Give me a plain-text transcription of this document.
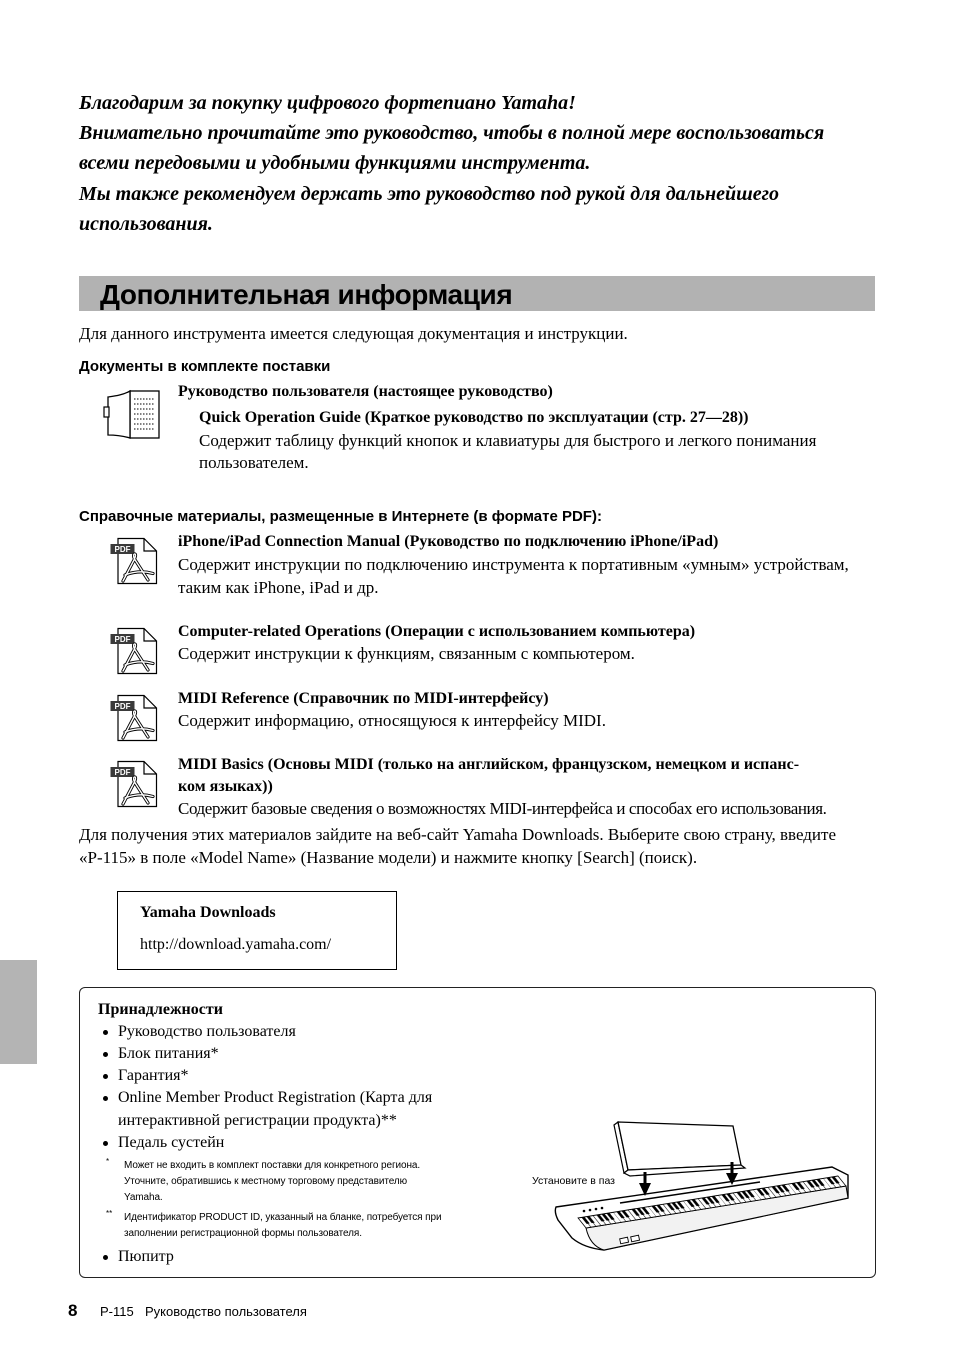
Благодарим за покупку цифрового фортепиано Yamaha!
Внимательно прочитайте это руководство, чтобы в полной мере воспользоваться
всеми передовыми и удобными функциями инструмента.
Мы также рекомендуем держать это руководство под рукой для дальнейшего
использования.
Дополнительная информация
Для данного инструмента имеется следующая документация и инструкции.
Документы в комплекте поставки
Руководство пользователя (настоящее руководство)
Quick Operation Guide (Краткое руководство по эксплуатации (стр. 27—28))
Содержит таблицу функций кнопок и клавиатуры для быстрого и легкого понимания
пользователем.
Справочные материалы, размещенные в Интернете (в формате PDF):
PDF	iPhone/iPad Connection Manual (Руководство по подключению iPhone/iPad)
Содержит инструкции по подключению инструмента к портативным «умным» устройствам,
таким как iPhone, iPad и др.
PDF	Computer-related Operations (Операции с использованием компьютера)
Содержит инструкции к функциям, связанным с компьютером.
PDF	MIDI Reference (Справочник по MIDI-интерфейсу)
Содержит информацию, относящуюся к интерфейсу MIDI.
PDF	MIDI Basics (Основы MIDI (только на английском, французском, немецком и испанс-
ком языках))
Содержит базовые сведения о возможностях MIDI-интерфейса и способах его использования.
Для получения этих материалов зайдите на веб-сайт Yamaha Downloads. Выберите свою страну, введите
«P-115» в поле «Model Name» (Название модели) и нажмите кнопку [Search] (поиск).
Yamaha Downloads
http://download.yamaha.com/
Принадлежности
Руководство пользователя
Блок питания*
Гарантия*
Online Member Product Registration (Карта для
интерактивной регистрации продукта)**
Педаль сустейн
* Может не входить в комплект поставки для конкретного региона.
Уточните, обратившись к местному торговому представителю
Yamaha.
** Идентификатор PRODUCT ID, указанный на бланке, потребуется при
заполнении регистрационной формы пользователя.
Пюпитр
Установите в паз
8 P-115 Руководство пользователя
